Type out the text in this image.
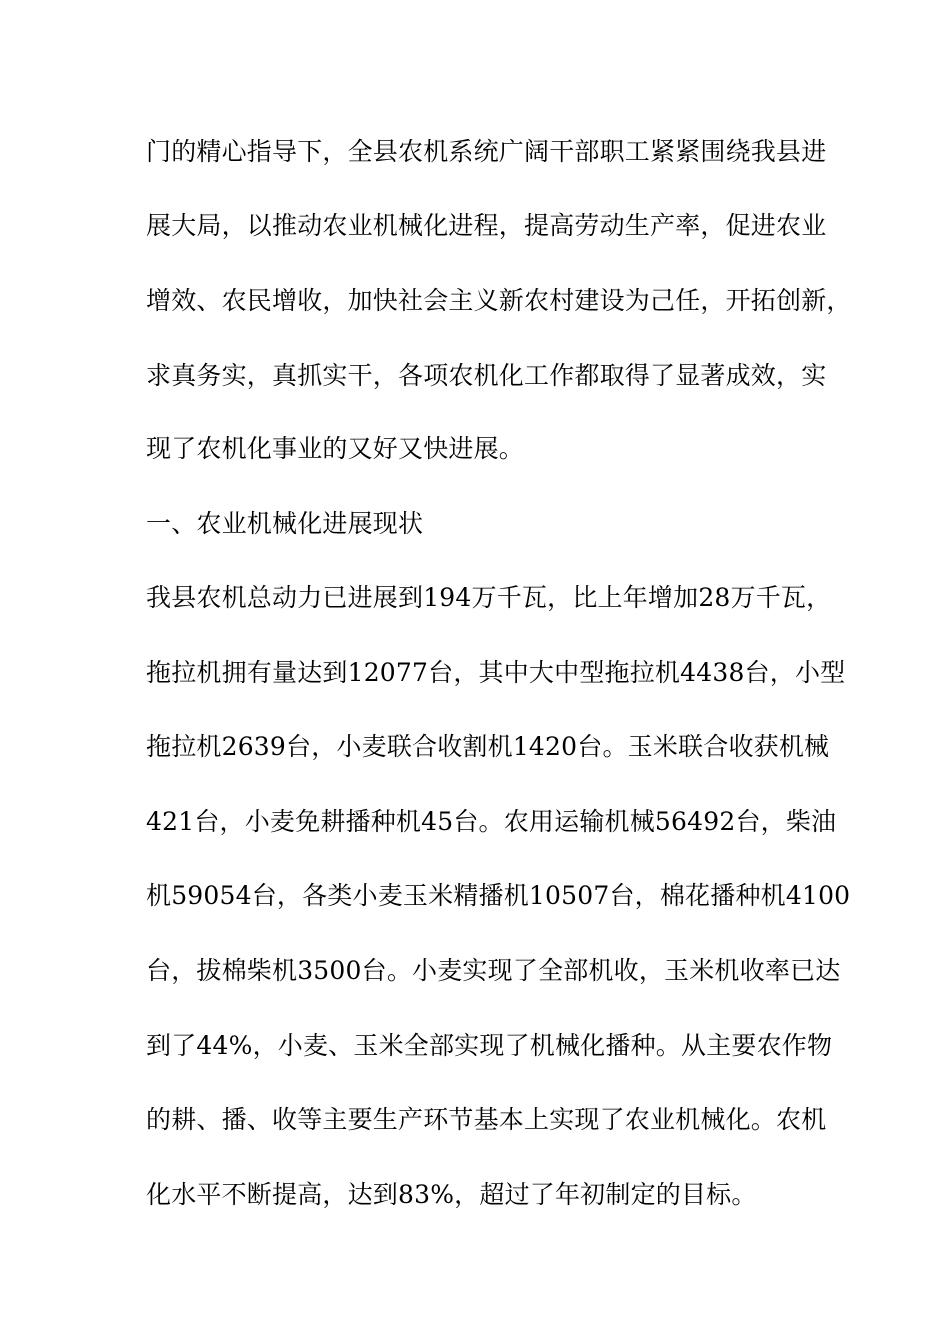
门的精心指导下，全县农机系统广阔干部职工紧紧围绕我县进
展大局，以推动农业机械化进程，提高劳动生产率，促进农业
增效、农民增收，加快社会主义新农村建设为己任，开拓创新，
求真务实，真抓实干，各项农机化工作都取得了显著成效，实
现了农机化事业的又好又快进展。
一、农业机械化进展现状
我县农机总动力已进展到194万千瓦，比上年增加28万千瓦，
拖拉机拥有量达到12077台，其中大中型拖拉机4438台，小型
拖拉机2639台，小麦联合收割机1420台。玉米联合收获机械
421台，小麦免耕播种机45台。农用运输机械56492台，柴油
机59054台，各类小麦玉米精播机10507台，棉花播种机4100
台，拔棉柴机3500台。小麦实现了全部机收，玉米机收率已达
到了44%，小麦、玉米全部实现了机械化播种。从主要农作物
的耕、播、收等主要生产环节基本上实现了农业机械化。农机
化水平不断提高，达到83%，超过了年初制定的目标。
